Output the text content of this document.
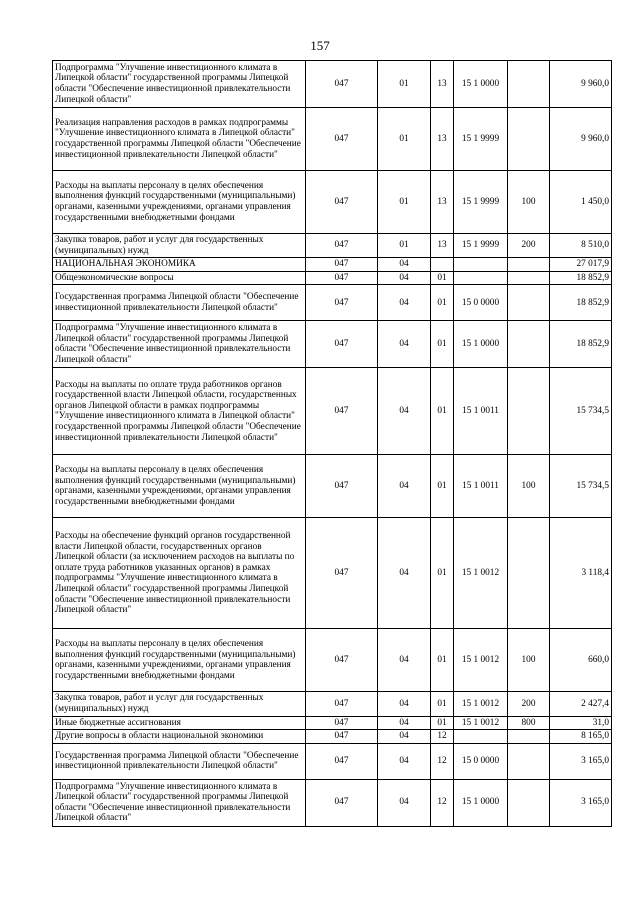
157
Подпрограмма "Улучшение инвестиционного климата в Липецкой области" государственной программы Липецкой области "Обеспечение инвестиционной привлекательности Липецкой области"	047	01	13	15 1 0000		9 960,0
Реализация направления расходов в рамках подпрограммы "Улучшение инвестиционного климата в Липецкой области" государственной программы Липецкой области "Обеспечение инвестиционной привлекательности Липецкой области"	047	01	13	15 1 9999		9 960,0
Расходы на выплаты персоналу в целях обеспечения выполнения функций государственными (муниципальными) органами, казенными учреждениями, органами управления государственными внебюджетными фондами	047	01	13	15 1 9999	100	1 450,0
Закупка товаров, работ и услуг для государственных (муниципальных) нужд	047	01	13	15 1 9999	200	8 510,0
НАЦИОНАЛЬНАЯ ЭКОНОМИКА	047	04				27 017,9
Общеэкономические вопросы	047	04	01			18 852,9
Государственная программа Липецкой области "Обеспечение инвестиционной привлекательности Липецкой области"	047	04	01	15 0 0000		18 852,9
Подпрограмма "Улучшение инвестиционного климата в Липецкой области" государственной программы Липецкой области "Обеспечение инвестиционной привлекательности Липецкой области"	047	04	01	15 1 0000		18 852,9
Расходы на выплаты по оплате труда работников органов государственной власти Липецкой области, государственных органов Липецкой области в рамках подпрограммы "Улучшение инвестиционного климата в Липецкой области" государственной программы Липецкой области "Обеспечение инвестиционной привлекательности Липецкой области"	047	04	01	15 1 0011		15 734,5
Расходы на выплаты персоналу в целях обеспечения выполнения функций государственными (муниципальными) органами, казенными учреждениями, органами управления государственными внебюджетными фондами	047	04	01	15 1 0011	100	15 734,5
Расходы на обеспечение функций органов государственной власти Липецкой области, государственных органов Липецкой области (за исключением расходов на выплаты по оплате труда работников указанных органов) в рамках подпрограммы "Улучшение инвестиционного климата в Липецкой области" государственной программы Липецкой области "Обеспечение инвестиционной привлекательности Липецкой области"	047	04	01	15 1 0012		3 118,4
Расходы на выплаты персоналу в целях обеспечения выполнения функций государственными (муниципальными) органами, казенными учреждениями, органами управления государственными внебюджетными фондами	047	04	01	15 1 0012	100	660,0
Закупка товаров, работ и услуг для государственных (муниципальных) нужд	047	04	01	15 1 0012	200	2 427,4
Иные бюджетные ассигнования	047	04	01	15 1 0012	800	31,0
Другие вопросы в области национальной экономики	047	04	12			8 165,0
Государственная программа Липецкой области "Обеспечение инвестиционной привлекательности Липецкой области"	047	04	12	15 0 0000		3 165,0
Подпрограмма "Улучшение инвестиционного климата в Липецкой области" государственной программы Липецкой области "Обеспечение инвестиционной привлекательности Липецкой области"	047	04	12	15 1 0000		3 165,0
